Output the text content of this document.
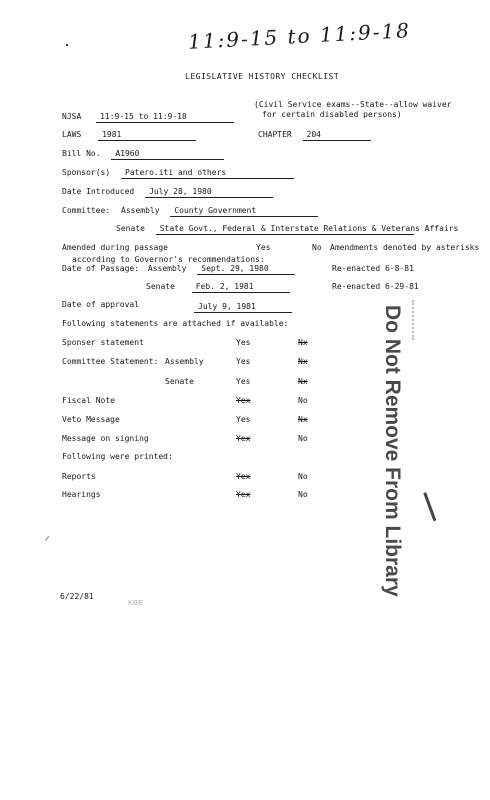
11:9-15 to 11:9-18
LEGISLATIVE HISTORY CHECKLIST
NJSA 11:9-15 to 11:9-18
(Civil Service exams--State--allow waiver
for certain disabled persons)
LAWS	1981	CHAPTER 204
Bill No. A1960
Sponsor(s) Patero.iti and others
Date Introduced July 28, 1980
Committee: Assembly County Government
Senate State Govt., Federal & Interstate Relations & Veterans Affairs
Amended during passage	Yes	No Amendments denoted by asterisks
according to Governor's recommendations:
Date of Passage: Assembly Sept. 29, 1980	Re-enacted 6-8-81
Senate	Feb. 2, 1981	Re-enacted 6-29-81
Date of approval	July 9, 1981
Following statements are attached if available:
Sponser statement	Yes	Nx
Committee Statement: Assembly	Yes	Nx
Senate	Yes	Nx
Fiscal Note	Yex	No
Veto Message	Yes	Nx
Message on signing	Yex	No
Following were printed:
Reports	Yex	No
Hearings	Yex	No	Do Not Remove From Library
6/22/81
KBE
